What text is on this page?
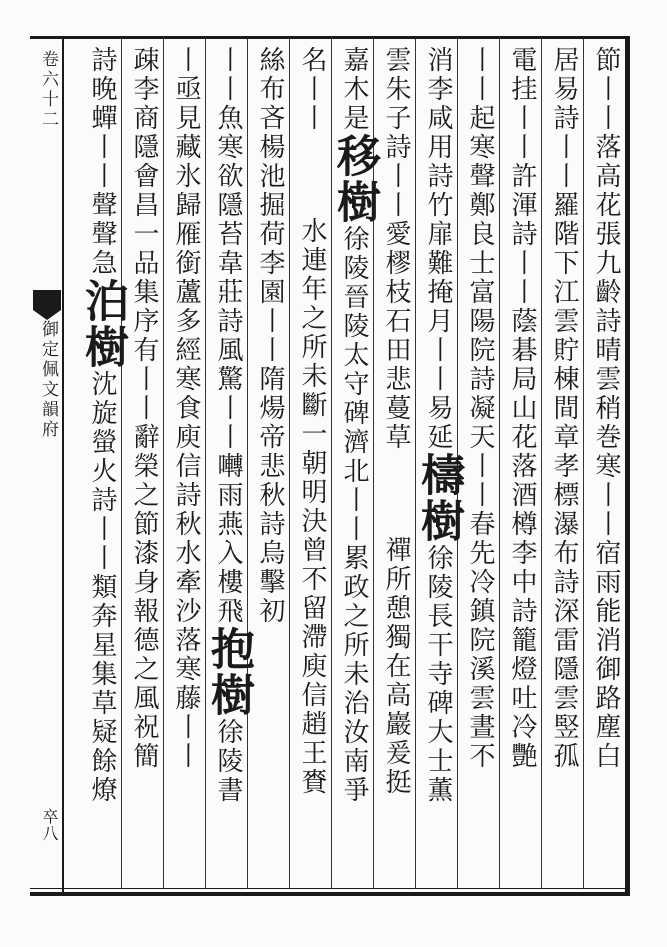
卷六十二
御定佩文韻府
卒八
節丨丨落高花張九齡詩晴雲稍巻寒丨丨宿雨能消御路塵白
居易詩丨丨羅階下江雲貯棟間章孝標瀑布詩深雷隱雲竪孤
電挂丨丨許渾詩丨丨蔭碁局山花落酒樽李中詩籠燈吐冷艷
丨丨起寒聲鄭良士富陽院詩凝天丨丨春先冷鎮院溪雲晝不
消李咸用詩竹扉難掩月丨丨易延檮樹徐陵長干寺碑大士薫
雲朱子詩丨丨愛樛枝石田悲蔓草禪所憩獨在高巖爰挺
嘉木是移樹徐陵晉陵太守碑濟北丨丨累政之所未治汝南爭
名丨丨水連年之所未斷一朝明決曾不留滯庾信趙王賚
絲布吝楊池掘荷李園丨丨隋煬帝悲秋詩烏擊初
丨丨魚寒欲隱苔韋莊詩風驚丨丨囀雨燕入樓飛抱樹徐陵書
丨亟見藏氷歸雁銜蘆多經寒食庾信詩秋水牽沙落寒藤丨丨
疎李商隱會昌一品集序有丨丨辭榮之節漆身報德之風祝簡
詩晚蟬丨丨聲聲急泊樹沈旋螢火詩丨丨類奔星集草疑餘燎
